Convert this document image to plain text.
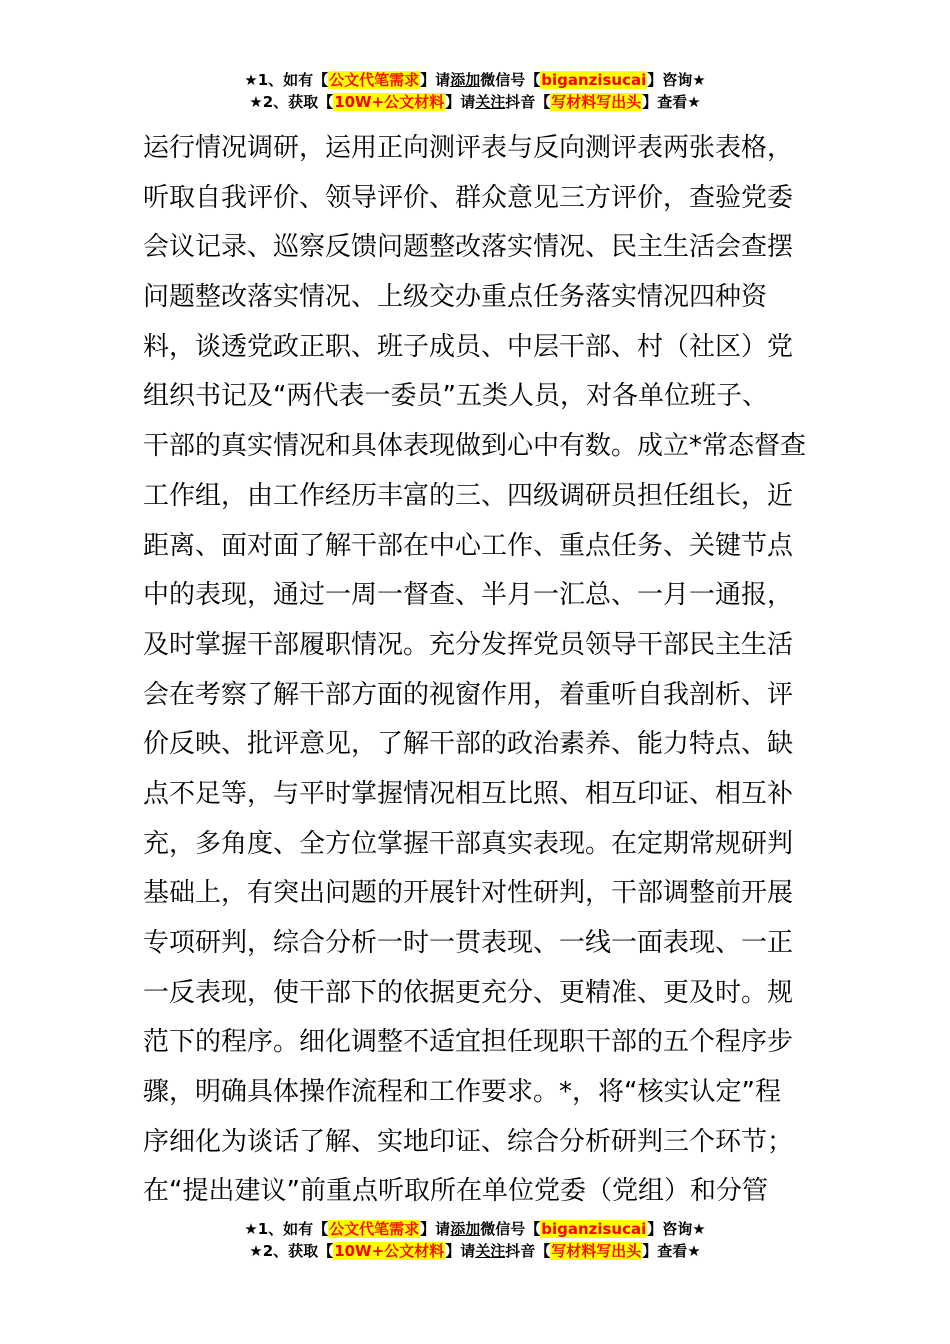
★1、如有【公文代笔需求】请添加微信号【biganzisucai】咨询★
★2、获取【10W+公文材料】请关注抖音【写材料写出头】查看★
运行情况调研，运用正向测评表与反向测评表两张表格，
听取自我评价、领导评价、群众意见三方评价，查验党委
会议记录、巡察反馈问题整改落实情况、民主生活会查摆
问题整改落实情况、上级交办重点任务落实情况四种资
料，谈透党政正职、班子成员、中层干部、村（社区）党
组织书记及“两代表一委员”五类人员，对各单位班子、
干部的真实情况和具体表现做到心中有数。成立*常态督查
工作组，由工作经历丰富的三、四级调研员担任组长，近
距离、面对面了解干部在中心工作、重点任务、关键节点
中的表现，通过一周一督查、半月一汇总、一月一通报，
及时掌握干部履职情况。充分发挥党员领导干部民主生活
会在考察了解干部方面的视窗作用，着重听自我剖析、评
价反映、批评意见，了解干部的政治素养、能力特点、缺
点不足等，与平时掌握情况相互比照、相互印证、相互补
充，多角度、全方位掌握干部真实表现。在定期常规研判
基础上，有突出问题的开展针对性研判，干部调整前开展
专项研判，综合分析一时一贯表现、一线一面表现、一正
一反表现，使干部下的依据更充分、更精准、更及时。规
范下的程序。细化调整不适宜担任现职干部的五个程序步
骤，明确具体操作流程和工作要求。*，将“核实认定”程
序细化为谈话了解、实地印证、综合分析研判三个环节；
在“提出建议”前重点听取所在单位党委（党组）和分管
★1、如有【公文代笔需求】请添加微信号【biganzisucai】咨询★
★2、获取【10W+公文材料】请关注抖音【写材料写出头】查看★
